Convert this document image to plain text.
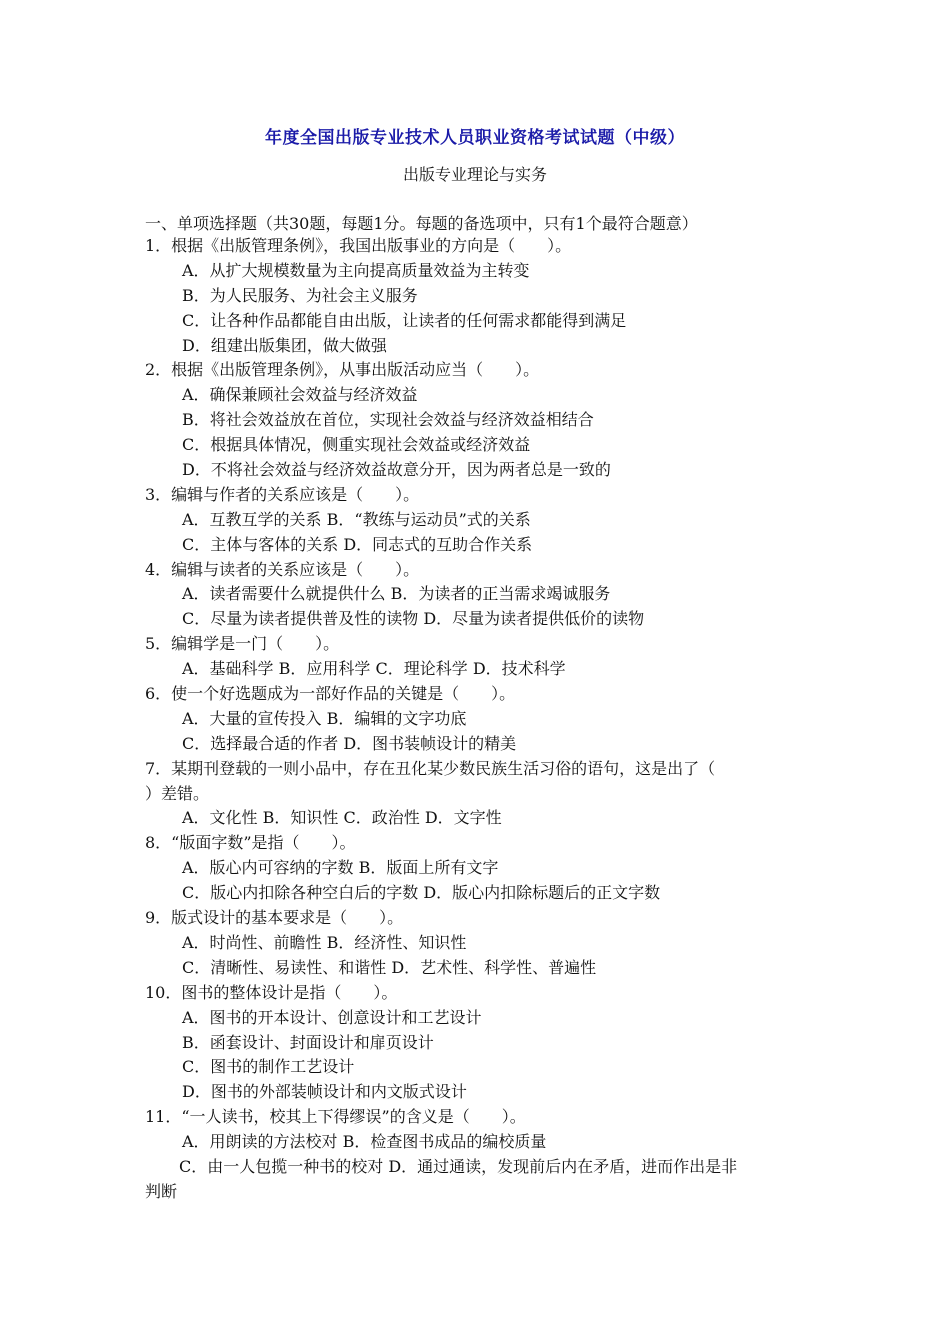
年度全国出版专业技术人员职业资格考试试题（中级）
出版专业理论与实务
一、单项选择题（共30题，每题1分。每题的备选项中，只有1个最符合题意）
1．根据《出版管理条例》，我国出版事业的方向是（　　）。
A．从扩大规模数量为主向提高质量效益为主转变
B．为人民服务、为社会主义服务
C．让各种作品都能自由出版，让读者的任何需求都能得到满足
D．组建出版集团，做大做强
2．根据《出版管理条例》，从事出版活动应当（　　）。
A．确保兼顾社会效益与经济效益
B．将社会效益放在首位，实现社会效益与经济效益相结合
C．根据具体情况，侧重实现社会效益或经济效益
D．不将社会效益与经济效益故意分开，因为两者总是一致的
3．编辑与作者的关系应该是（　　）。
A．互教互学的关系 B．“教练与运动员”式的关系
C．主体与客体的关系 D．同志式的互助合作关系
4．编辑与读者的关系应该是（　　）。
A．读者需要什么就提供什么 B．为读者的正当需求竭诚服务
C．尽量为读者提供普及性的读物 D．尽量为读者提供低价的读物
5．编辑学是一门（　　）。
A．基础科学 B．应用科学 C．理论科学 D．技术科学
6．使一个好选题成为一部好作品的关键是（　　）。
A．大量的宣传投入 B．编辑的文字功底
C．选择最合适的作者 D．图书装帧设计的精美
7．某期刊登载的一则小品中，存在丑化某少数民族生活习俗的语句，这是出了（
）差错。
A．文化性 B．知识性 C．政治性 D．文字性
8．“版面字数”是指（　　）。
A．版心内可容纳的字数 B．版面上所有文字
C．版心内扣除各种空白后的字数 D．版心内扣除标题后的正文字数
9．版式设计的基本要求是（　　）。
A．时尚性、前瞻性 B．经济性、知识性
C．清晰性、易读性、和谐性 D．艺术性、科学性、普遍性
10．图书的整体设计是指（　　）。
A．图书的开本设计、创意设计和工艺设计
B．函套设计、封面设计和扉页设计
C．图书的制作工艺设计
D．图书的外部装帧设计和内文版式设计
11．“一人读书，校其上下得缪误”的含义是（　　）。
A．用朗读的方法校对 B．检查图书成品的编校质量
C．由一人包揽一种书的校对 D．通过通读，发现前后内在矛盾，进而作出是非
判断
